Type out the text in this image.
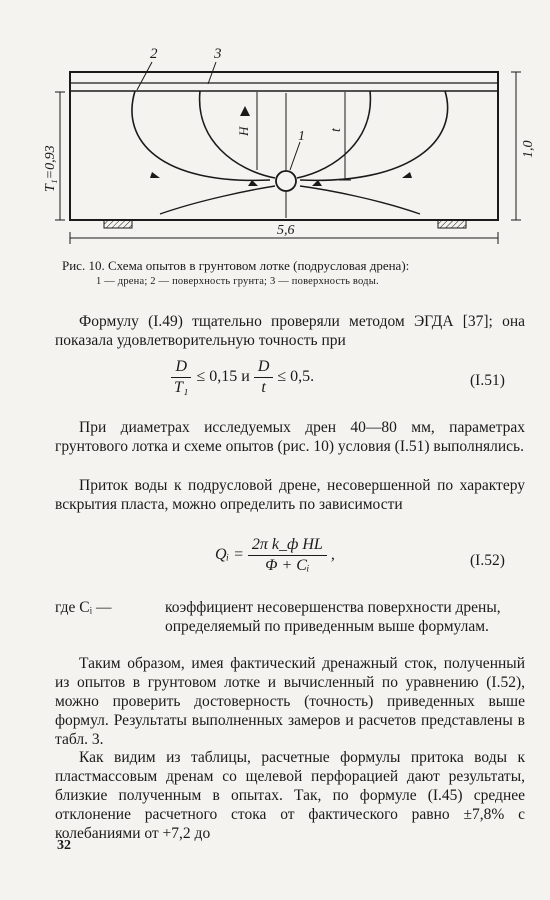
2	3
1
H	t
T₁=0,93	1,0
5,6
Рис. 10. Схема опытов в грунтовом лотке (подрусловая дрена):
1 — дрена; 2 — поверхность грунта; 3 — поверхность воды.
Формулу (I.49) тщательно проверяли методом ЭГДА [37]; она показала удовлетворительную точность при
$\frac{D}{\text{T₁}} \le 0,15$ и $\frac{D}{t} \le 0,5$.	(I.51)
При диаметрах исследуемых дрен 40—80 мм, параметрах грунтового лотка и схеме опытов (рис. 10) условия (I.51) выполнялись.
Приток воды к подрусловой дрене, несовершенной по характеру вскрытия пласта, можно определить по зависимости
Qᵢ = $\frac{\text{2π k\_ф HL}}{\text{Φ + Cᵢ}}$ ,	(I.52)
где Cᵢ —	коэффициент несовершенства поверхности дрены, определяемый по приведенным выше формулам.
Таким образом, имея фактический дренажный сток, полученный из опытов в грунтовом лотке и вычисленный по уравнению (I.52), можно проверить достоверность (точность) приведенных выше формул. Результаты выполненных замеров и расчетов представлены в табл. 3.
Как видим из таблицы, расчетные формулы притока воды к пластмассовым дренам со щелевой перфорацией дают результаты, близкие полученным в опытах. Так, по формуле (I.45) среднее отклонение расчетного стока от фактического равно ±7,8% с колебаниями от +7,2 до
32
